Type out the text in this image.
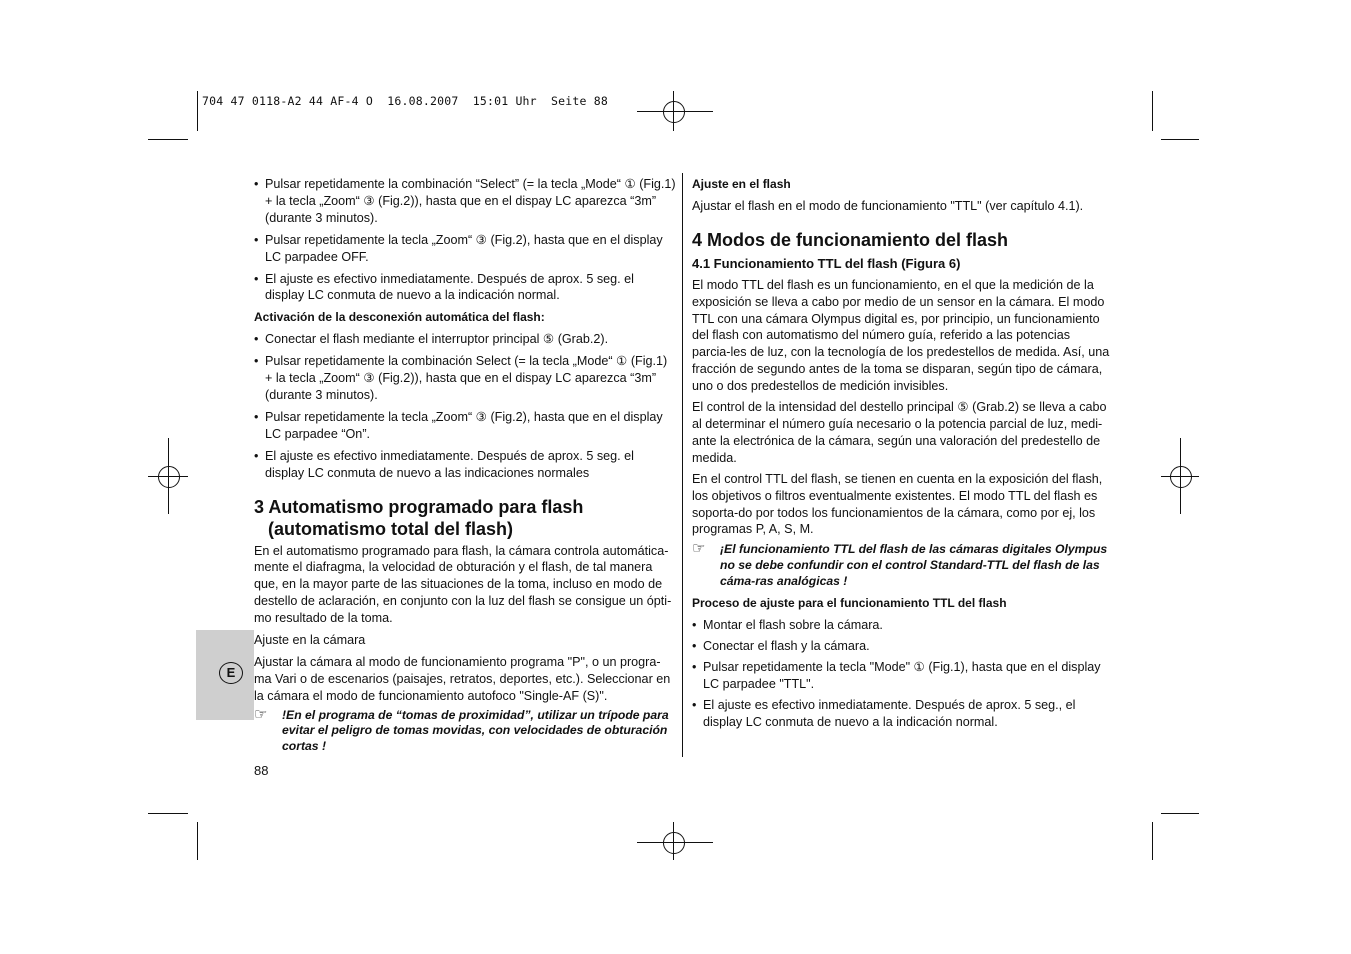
704 47 0118-A2 44 AF-4 O  16.08.2007  15:01 Uhr  Seite 88
E

• Pulsar repetidamente la combinación “Select” (= la tecla „Mode“ ① (Fig.1) + la tecla „Zoom“ ③ (Fig.2)), hasta que en el dispay LC aparezca “3m” (durante 3 minutos).

• Pulsar repetidamente la tecla „Zoom“ ③ (Fig.2), hasta que en el display LC parpadee OFF.

• El ajuste es efectivo inmediatamente. Después de aprox. 5 seg. el display LC conmuta de nuevo a la indicación normal.

Activación de la desconexión automática del flash:

• Conectar el flash mediante el interruptor principal ⑤ (Grab.2).

• Pulsar repetidamente la combinación Select (= la tecla „Mode“ ① (Fig.1) + la tecla „Zoom“ ③ (Fig.2)), hasta que en el dispay LC aparezca “3m” (durante 3 minutos).

• Pulsar repetidamente la tecla „Zoom“ ③ (Fig.2), hasta que en el display LC parpadee “On”.

• El ajuste es efectivo inmediatamente. Después de aprox. 5 seg. el display LC conmuta de nuevo a las indicaciones normales

3 Automatismo programado para flash
(automatismo total del flash)

En el automatismo programado para flash, la cámara controla automática-mente el diafragma, la velocidad de obturación y el flash, de tal manera que, en la mayor parte de las situaciones de la toma, incluso en modo de destello de aclaración, en conjunto con la luz del flash se consigue un ópti-mo resultado de la toma.

Ajuste en la cámara

Ajustar la cámara al modo de funcionamiento programa "P", o un progra-ma Vari o de escenarios (paisajes, retratos, deportes, etc.). Seleccionar en la cámara el modo de funcionamiento autofoco "Single-AF (S)".

☞ !En el programa de “tomas de proximidad”, utilizar un trípode para evitar el peligro de tomas movidas, con velocidades de obturación cortas !
88

Ajuste en el flash

Ajustar el flash en el modo de funcionamiento "TTL" (ver capítulo 4.1).

4 Modos de funcionamiento del flash

4.1 Funcionamiento TTL del flash (Figura 6)

El modo TTL del flash es un funcionamiento, en el que la medición de la exposición se lleva a cabo por medio de un sensor en la cámara. El modo TTL con una cámara Olympus digital es, por principio, un funcionamiento del flash con automatismo del número guía, referido a las potencias parcia-les de luz, con la tecnología de los predestellos de medida. Así, una fracción de segundo antes de la toma se disparan, según tipo de cámara, uno o dos predestellos de medición invisibles.

El control de la intensidad del destello principal ⑤ (Grab.2) se lleva a cabo al determinar el número guía necesario o la potencia parcial de luz, medi-ante la electrónica de la cámara, según una valoración del predestello de medida.

En el control TTL del flash, se tienen en cuenta en la exposición del flash, los objetivos o filtros eventualmente existentes. El modo TTL del flash es soporta-do por todos los funcionamientos de la cámara, como por ej, los programas P, A, S, M.

☞ ¡El funcionamiento TTL del flash de las cámaras digitales Olympus no se debe confundir con el control Standard-TTL del flash de las cáma-ras analógicas !

Proceso de ajuste para el funcionamiento TTL del flash

• Montar el flash sobre la cámara.

• Conectar el flash y la cámara.

• Pulsar repetidamente la tecla "Mode" ① (Fig.1), hasta que en el display LC parpadee "TTL".

• El ajuste es efectivo inmediatamente. Después de aprox. 5 seg., el display LC conmuta de nuevo a la indicación normal.
